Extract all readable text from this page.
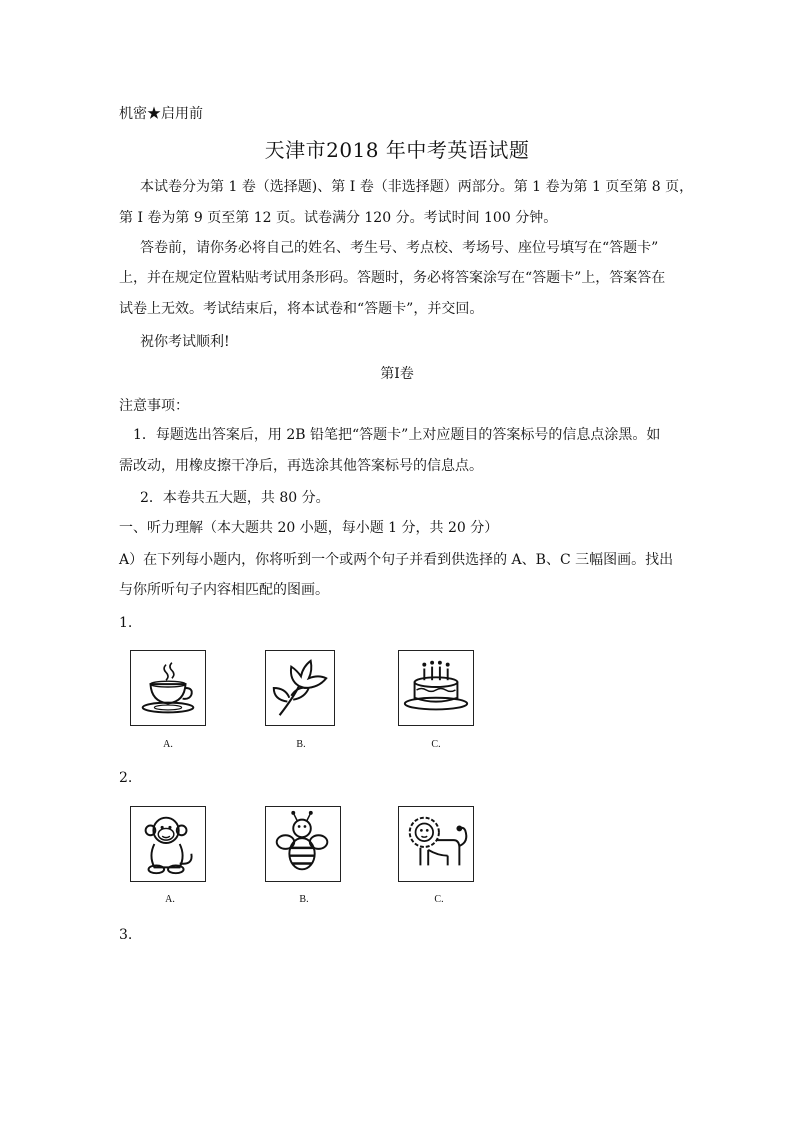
机密★启用前
天津市2018 年中考英语试题
本试卷分为第 1 卷（选择题)、第 I 卷（非选择题）两部分。第 1 卷为第 1 页至第 8 页，
第 I 卷为第 9 页至第 12 页。试卷满分 120 分。考试时间 100 分钟。
答卷前，请你务必将自己的姓名、考生号、考点校、考场号、座位号填写在“答题卡”
上，并在规定位置粘贴考试用条形码。答题时，务必将答案涂写在“答题卡”上，答案答在
试卷上无效。考试结束后，将本试卷和“答题卡”，并交回。
祝你考试顺利!
第I卷
注意事项：
1．每题选出答案后，用 2B 铅笔把“答题卡”上对应题目的答案标号的信息点涂黑。如
需改动，用橡皮擦干净后，再选涂其他答案标号的信息点。
2．本卷共五大题，共 80 分。
一、听力理解（本大题共 20 小题，每小题 1 分，共 20 分）
A）在下列每小题内，你将听到一个或两个句子并看到供选择的 A、B、C 三幅图画。找出
与你所听句子内容相匹配的图画。
1.
A.	B.	C.
2.
A.	B.	C.
3.
